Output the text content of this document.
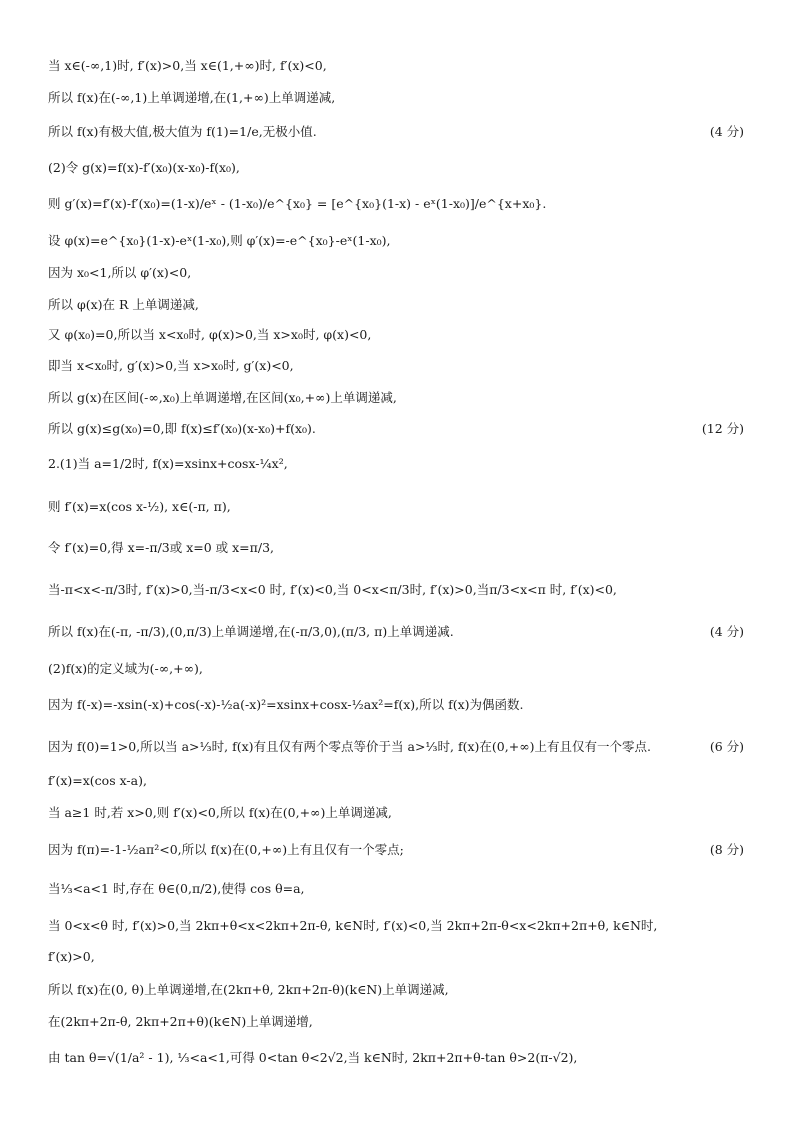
当 x∈(-∞,1)时, f′(x)>0,当 x∈(1,+∞)时, f′(x)<0,
所以 f(x)在(-∞,1)上单调递增,在(1,+∞)上单调递减,
所以 f(x)有极大值,极大值为 f(1)=1/e,无极小值.	(4 分)
(2)令 g(x)=f(x)-f′(x₀)(x-x₀)-f(x₀),
则 g′(x)=f′(x)-f′(x₀)=(1-x)/eˣ - (1-x₀)/e^{x₀} = [e^{x₀}(1-x) - eˣ(1-x₀)]/e^{x+x₀}.
设 φ(x)=e^{x₀}(1-x)-eˣ(1-x₀),则 φ′(x)=-e^{x₀}-eˣ(1-x₀),
因为 x₀<1,所以 φ′(x)<0,
所以 φ(x)在 R 上单调递减,
又 φ(x₀)=0,所以当 x<x₀时, φ(x)>0,当 x>x₀时, φ(x)<0,
即当 x<x₀时, g′(x)>0,当 x>x₀时, g′(x)<0,
所以 g(x)在区间(-∞,x₀)上单调递增,在区间(x₀,+∞)上单调递减,
所以 g(x)≤g(x₀)=0,即 f(x)≤f′(x₀)(x-x₀)+f(x₀).	(12 分)
2.(1)当 a=1/2时, f(x)=xsinx+cosx-¼x²,
则 f′(x)=x(cos x-½), x∈(-π, π),
令 f′(x)=0,得 x=-π/3或 x=0 或 x=π/3,
当-π<x<-π/3时, f′(x)>0,当-π/3<x<0 时, f′(x)<0,当 0<x<π/3时, f′(x)>0,当π/3<x<π 时, f′(x)<0,
所以 f(x)在(-π, -π/3),(0,π/3)上单调递增,在(-π/3,0),(π/3, π)上单调递减.	(4 分)
(2)f(x)的定义域为(-∞,+∞),
因为 f(-x)=-xsin(-x)+cos(-x)-½a(-x)²=xsinx+cosx-½ax²=f(x),所以 f(x)为偶函数.
因为 f(0)=1>0,所以当 a>⅓时, f(x)有且仅有两个零点等价于当 a>⅓时, f(x)在(0,+∞)上有且仅有一个零点.	(6 分)
f′(x)=x(cos x-a),
当 a≥1 时,若 x>0,则 f′(x)<0,所以 f(x)在(0,+∞)上单调递减,
因为 f(π)=-1-½aπ²<0,所以 f(x)在(0,+∞)上有且仅有一个零点;	(8 分)
当⅓<a<1 时,存在 θ∈(0,π/2),使得 cos θ=a,
当 0<x<θ 时, f′(x)>0,当 2kπ+θ<x<2kπ+2π-θ, k∈N时, f′(x)<0,当 2kπ+2π-θ<x<2kπ+2π+θ, k∈N时,
f′(x)>0,
所以 f(x)在(0, θ)上单调递增,在(2kπ+θ, 2kπ+2π-θ)(k∈N)上单调递减,
在(2kπ+2π-θ, 2kπ+2π+θ)(k∈N)上单调递增,
由 tan θ=√(1/a² - 1), ⅓<a<1,可得 0<tan θ<2√2,当 k∈N时, 2kπ+2π+θ-tan θ>2(π-√2),
